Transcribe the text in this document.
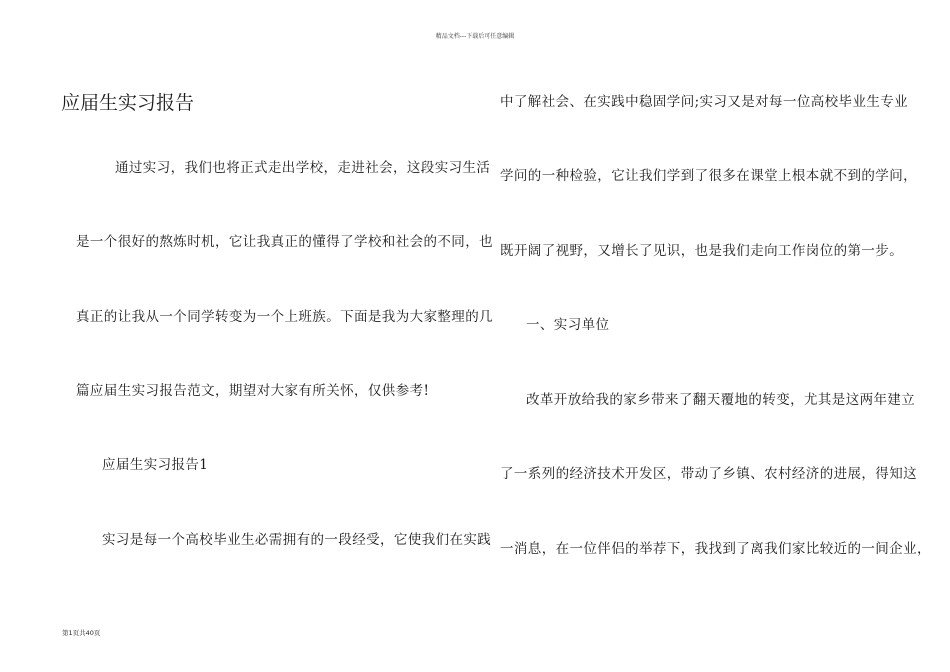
精品文档---下载后可任意编辑
应届生实习报告
通过实习，我们也将正式走出学校，走进社会，这段实习生活
是一个很好的熬炼时机，它让我真正的懂得了学校和社会的不同，也
真正的让我从一个同学转变为一个上班族。下面是我为大家整理的几
篇应届生实习报告范文，期望对大家有所关怀，仅供参考!
应届生实习报告1
实习是每一个高校毕业生必需拥有的一段经受，它使我们在实践
中了解社会、在实践中稳固学问;实习又是对每一位高校毕业生专业
学问的一种检验，它让我们学到了很多在课堂上根本就不到的学问，
既开阔了视野，又增长了见识，也是我们走向工作岗位的第一步。
一、实习单位
改革开放给我的家乡带来了翻天覆地的转变，尤其是这两年建立
了一系列的经济技术开发区，带动了乡镇、农村经济的进展，得知这
一消息，在一位伴侣的举荐下，我找到了离我们家比较近的一间企业，
第1页共40页
